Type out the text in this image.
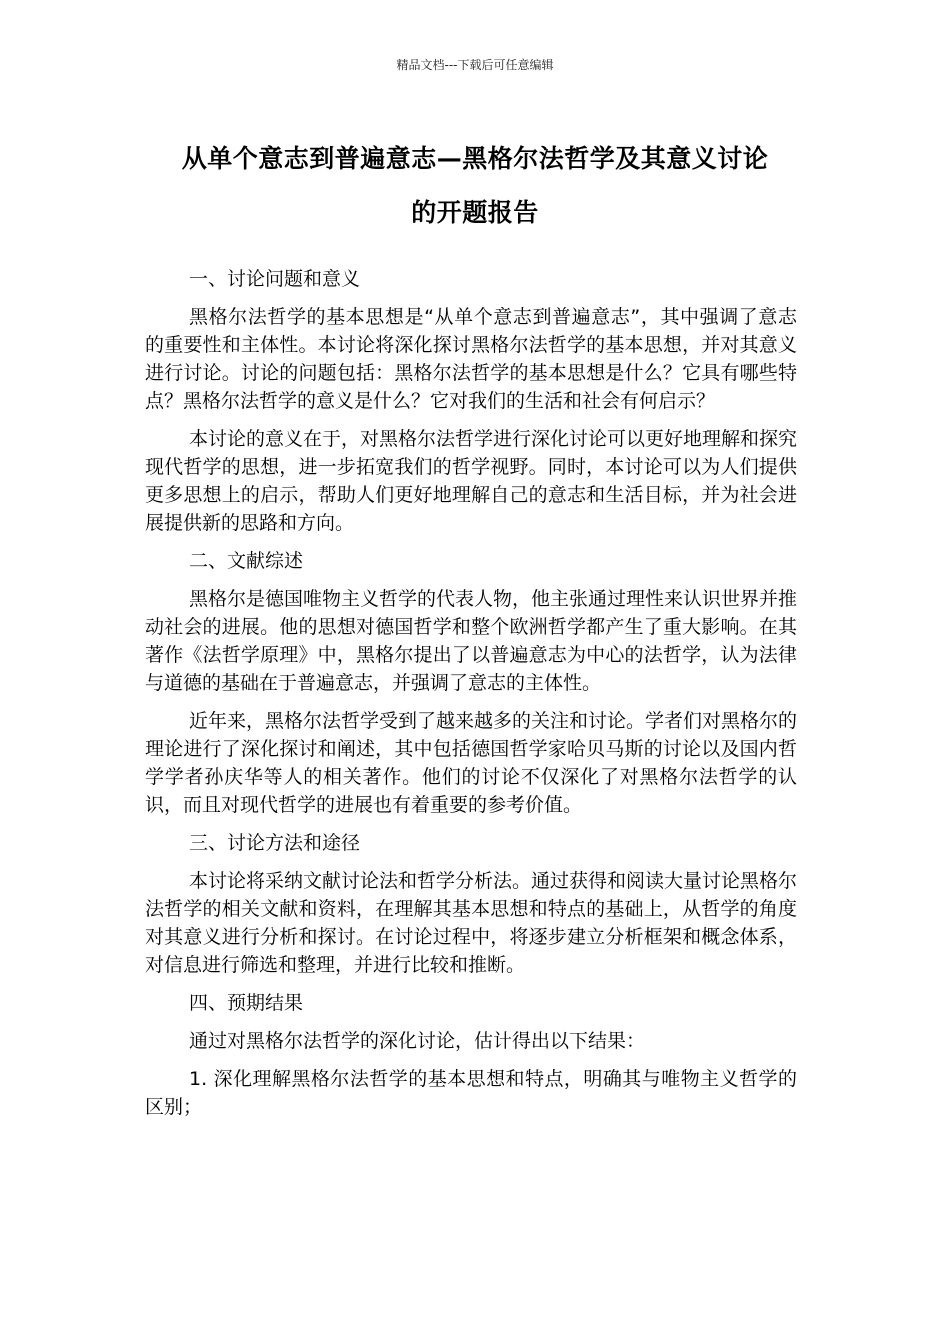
精品文档---下载后可任意编辑
从单个意志到普遍意志—黑格尔法哲学及其意义讨论
的开题报告
一、讨论问题和意义
黑格尔法哲学的基本思想是“从单个意志到普遍意志”，其中强调了意志的重要性和主体性。本讨论将深化探讨黑格尔法哲学的基本思想，并对其意义进行讨论。讨论的问题包括：黑格尔法哲学的基本思想是什么？它具有哪些特点？黑格尔法哲学的意义是什么？它对我们的生活和社会有何启示？
本讨论的意义在于，对黑格尔法哲学进行深化讨论可以更好地理解和探究现代哲学的思想，进一步拓宽我们的哲学视野。同时，本讨论可以为人们提供更多思想上的启示，帮助人们更好地理解自己的意志和生活目标，并为社会进展提供新的思路和方向。
二、文献综述
黑格尔是德国唯物主义哲学的代表人物，他主张通过理性来认识世界并推动社会的进展。他的思想对德国哲学和整个欧洲哲学都产生了重大影响。在其著作《法哲学原理》中，黑格尔提出了以普遍意志为中心的法哲学，认为法律与道德的基础在于普遍意志，并强调了意志的主体性。
近年来，黑格尔法哲学受到了越来越多的关注和讨论。学者们对黑格尔的理论进行了深化探讨和阐述，其中包括德国哲学家哈贝马斯的讨论以及国内哲学学者孙庆华等人的相关著作。他们的讨论不仅深化了对黑格尔法哲学的认识，而且对现代哲学的进展也有着重要的参考价值。
三、讨论方法和途径
本讨论将采纳文献讨论法和哲学分析法。通过获得和阅读大量讨论黑格尔法哲学的相关文献和资料，在理解其基本思想和特点的基础上，从哲学的角度对其意义进行分析和探讨。在讨论过程中，将逐步建立分析框架和概念体系，对信息进行筛选和整理，并进行比较和推断。
四、预期结果
通过对黑格尔法哲学的深化讨论，估计得出以下结果：
1. 深化理解黑格尔法哲学的基本思想和特点，明确其与唯物主义哲学的区别；
